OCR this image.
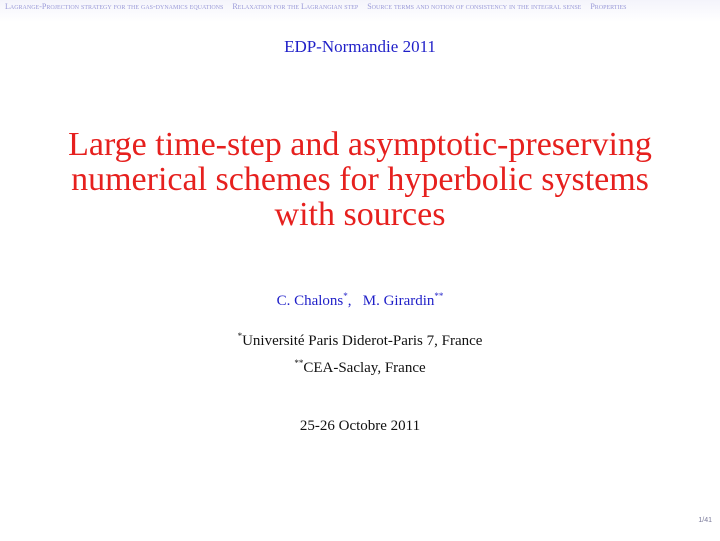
Lagrange-Projection strategy for the gas-dynamics equations Relaxation for the Lagrangian step Source terms and notion of consistency in the integral sense Properties
EDP-Normandie 2011
Large time-step and asymptotic-preserving numerical schemes for hyperbolic systems with sources
C. Chalons*,   M. Girardin**
*Université Paris Diderot-Paris 7, France
**CEA-Saclay, France
25-26 Octobre 2011
1/41
